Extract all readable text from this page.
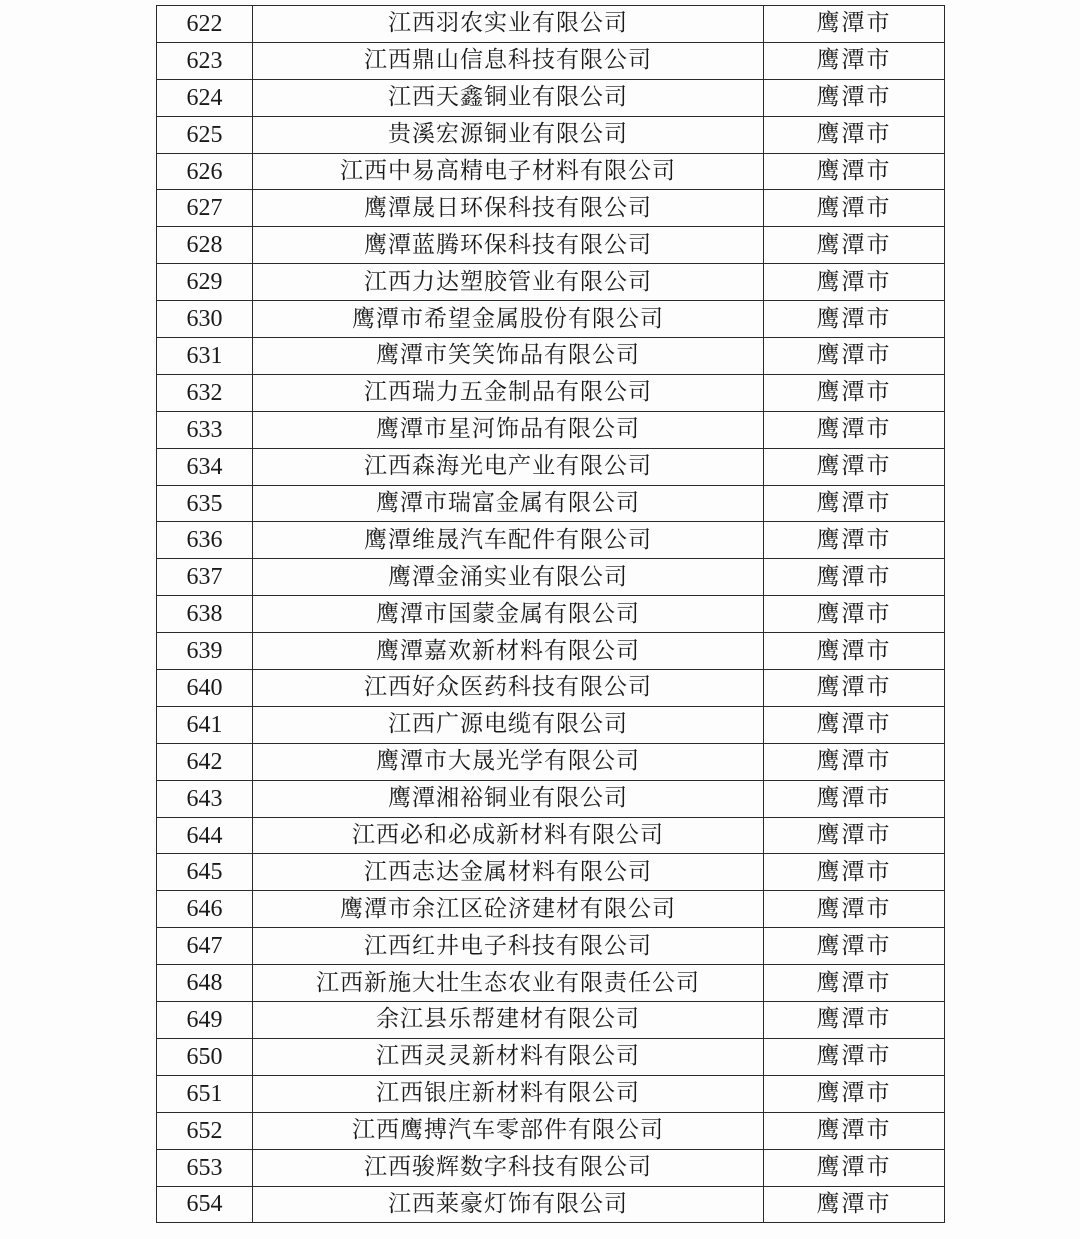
622	江西羽农实业有限公司	鹰潭市
623	江西鼎山信息科技有限公司	鹰潭市
624	江西天鑫铜业有限公司	鹰潭市
625	贵溪宏源铜业有限公司	鹰潭市
626	江西中易高精电子材料有限公司	鹰潭市
627	鹰潭晟日环保科技有限公司	鹰潭市
628	鹰潭蓝腾环保科技有限公司	鹰潭市
629	江西力达塑胶管业有限公司	鹰潭市
630	鹰潭市希望金属股份有限公司	鹰潭市
631	鹰潭市笑笑饰品有限公司	鹰潭市
632	江西瑞力五金制品有限公司	鹰潭市
633	鹰潭市星河饰品有限公司	鹰潭市
634	江西森海光电产业有限公司	鹰潭市
635	鹰潭市瑞富金属有限公司	鹰潭市
636	鹰潭维晟汽车配件有限公司	鹰潭市
637	鹰潭金涌实业有限公司	鹰潭市
638	鹰潭市国蒙金属有限公司	鹰潭市
639	鹰潭嘉欢新材料有限公司	鹰潭市
640	江西好众医药科技有限公司	鹰潭市
641	江西广源电缆有限公司	鹰潭市
642	鹰潭市大晟光学有限公司	鹰潭市
643	鹰潭湘裕铜业有限公司	鹰潭市
644	江西必和必成新材料有限公司	鹰潭市
645	江西志达金属材料有限公司	鹰潭市
646	鹰潭市余江区砼济建材有限公司	鹰潭市
647	江西红井电子科技有限公司	鹰潭市
648	江西新施大壮生态农业有限责任公司	鹰潭市
649	余江县乐帮建材有限公司	鹰潭市
650	江西灵灵新材料有限公司	鹰潭市
651	江西银庄新材料有限公司	鹰潭市
652	江西鹰搏汽车零部件有限公司	鹰潭市
653	江西骏辉数字科技有限公司	鹰潭市
654	江西莱豪灯饰有限公司	鹰潭市
